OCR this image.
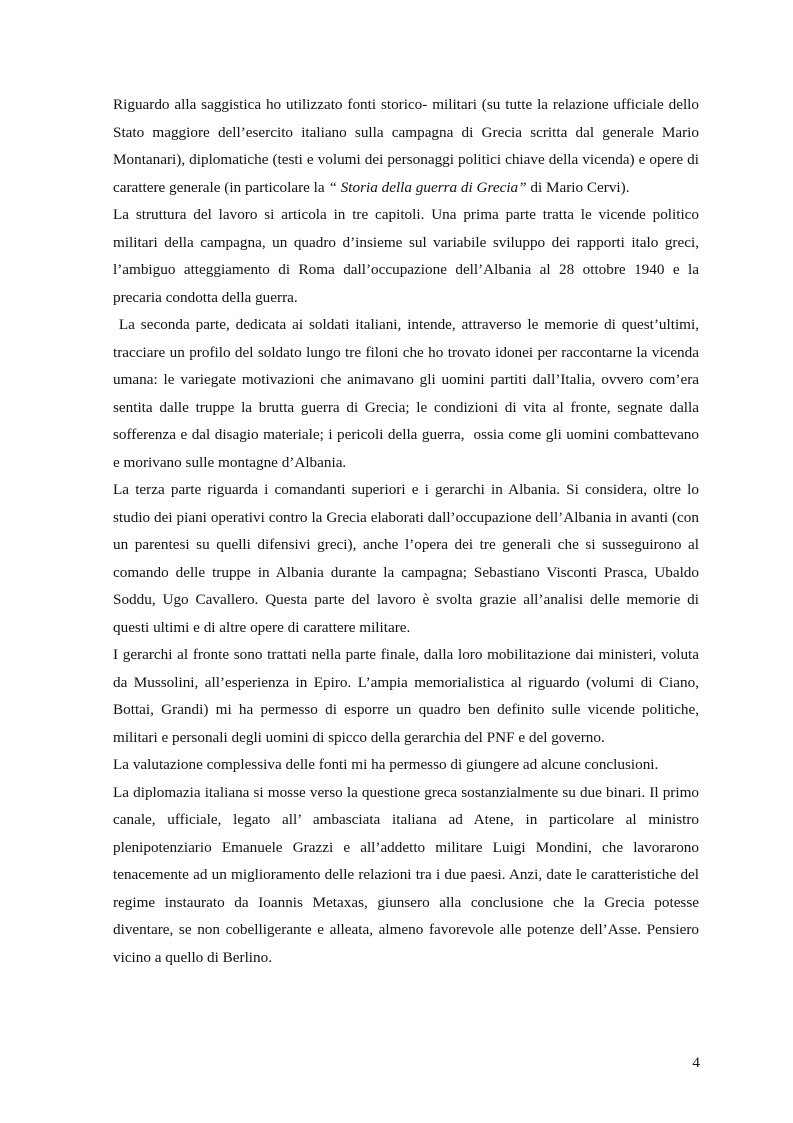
Riguardo alla saggistica ho utilizzato fonti storico- militari (su tutte la relazione ufficiale dello Stato maggiore dell’esercito italiano sulla campagna di Grecia scritta dal generale Mario Montanari), diplomatiche (testi e volumi dei personaggi politici chiave della vicenda) e opere di carattere generale (in particolare la “ Storia della guerra di Grecia” di Mario Cervi).

La struttura del lavoro si articola in tre capitoli. Una prima parte tratta le vicende politico militari della campagna, un quadro d’insieme sul variabile sviluppo dei rapporti italo greci, l’ambiguo atteggiamento di Roma dall’occupazione dell’Albania al 28 ottobre 1940 e la precaria condotta della guerra.

La seconda parte, dedicata ai soldati italiani, intende, attraverso le memorie di quest’ultimi, tracciare un profilo del soldato lungo tre filoni che ho trovato idonei per raccontarne la vicenda umana: le variegate motivazioni che animavano gli uomini partiti dall’Italia, ovvero com’era sentita dalle truppe la brutta guerra di Grecia; le condizioni di vita al fronte, segnate dalla sofferenza e dal disagio materiale; i pericoli della guerra,  ossia come gli uomini combattevano e morivano sulle montagne d’Albania.

La terza parte riguarda i comandanti superiori e i gerarchi in Albania. Si considera, oltre lo studio dei piani operativi contro la Grecia elaborati dall’occupazione dell’Albania in avanti (con un parentesi su quelli difensivi greci), anche l’opera dei tre generali che si susseguirono al comando delle truppe in Albania durante la campagna; Sebastiano Visconti Prasca, Ubaldo Soddu, Ugo Cavallero. Questa parte del lavoro è svolta grazie all’analisi delle memorie di questi ultimi e di altre opere di carattere militare.

I gerarchi al fronte sono trattati nella parte finale, dalla loro mobilitazione dai ministeri, voluta da Mussolini, all’esperienza in Epiro. L’ampia memorialistica al riguardo (volumi di Ciano, Bottai, Grandi) mi ha permesso di esporre un quadro ben definito sulle vicende politiche, militari e personali degli uomini di spicco della gerarchia del PNF e del governo.

La valutazione complessiva delle fonti mi ha permesso di giungere ad alcune conclusioni.

La diplomazia italiana si mosse verso la questione greca sostanzialmente su due binari. Il primo canale, ufficiale, legato all’ ambasciata italiana ad Atene, in particolare al ministro plenipotenziario Emanuele Grazzi e all’addetto militare Luigi Mondini, che lavorarono tenacemente ad un miglioramento delle relazioni tra i due paesi. Anzi, date le caratteristiche del regime instaurato da Ioannis Metaxas, giunsero alla conclusione che la Grecia potesse diventare, se non cobelligerante e alleata, almeno favorevole alle potenze dell’Asse. Pensiero vicino a quello di Berlino.

4
